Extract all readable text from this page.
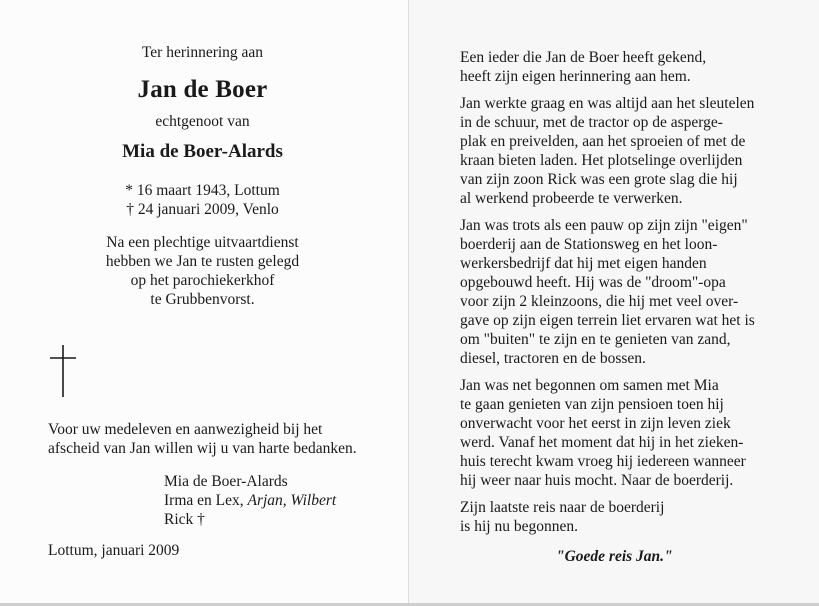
Ter herinnering aan
Jan de Boer
echtgenoot van
Mia de Boer-Alards
* 16 maart 1943, Lottum
† 24 januari 2009, Venlo
Na een plechtige uitvaartdienst
hebben we Jan te rusten gelegd
op het parochiekerkhof
te Grubbenvorst.
Voor uw medeleven en aanwezigheid bij het
afscheid van Jan willen wij u van harte bedanken.
Mia de Boer-Alards
Irma en Lex, Arjan, Wilbert
Rick †
Lottum, januari 2009
Een ieder die Jan de Boer heeft gekend,
heeft zijn eigen herinnering aan hem.
Jan werkte graag en was altijd aan het sleutelen
in de schuur, met de tractor op de asperge-
plak en preivelden, aan het sproeien of met de
kraan bieten laden. Het plotselinge overlijden
van zijn zoon Rick was een grote slag die hij
al werkend probeerde te verwerken.
Jan was trots als een pauw op zijn zijn "eigen"
boerderij aan de Stationsweg en het loon-
werkersbedrijf dat hij met eigen handen
opgebouwd heeft. Hij was de "droom"-opa
voor zijn 2 kleinzoons, die hij met veel over-
gave op zijn eigen terrein liet ervaren wat het is
om "buiten" te zijn en te genieten van zand,
diesel, tractoren en de bossen.
Jan was net begonnen om samen met Mia
te gaan genieten van zijn pensioen toen hij
onverwacht voor het eerst in zijn leven ziek
werd. Vanaf het moment dat hij in het zieken-
huis terecht kwam vroeg hij iedereen wanneer
hij weer naar huis mocht. Naar de boerderij.
Zijn laatste reis naar de boerderij
is hij nu begonnen.
"Goede reis Jan."
